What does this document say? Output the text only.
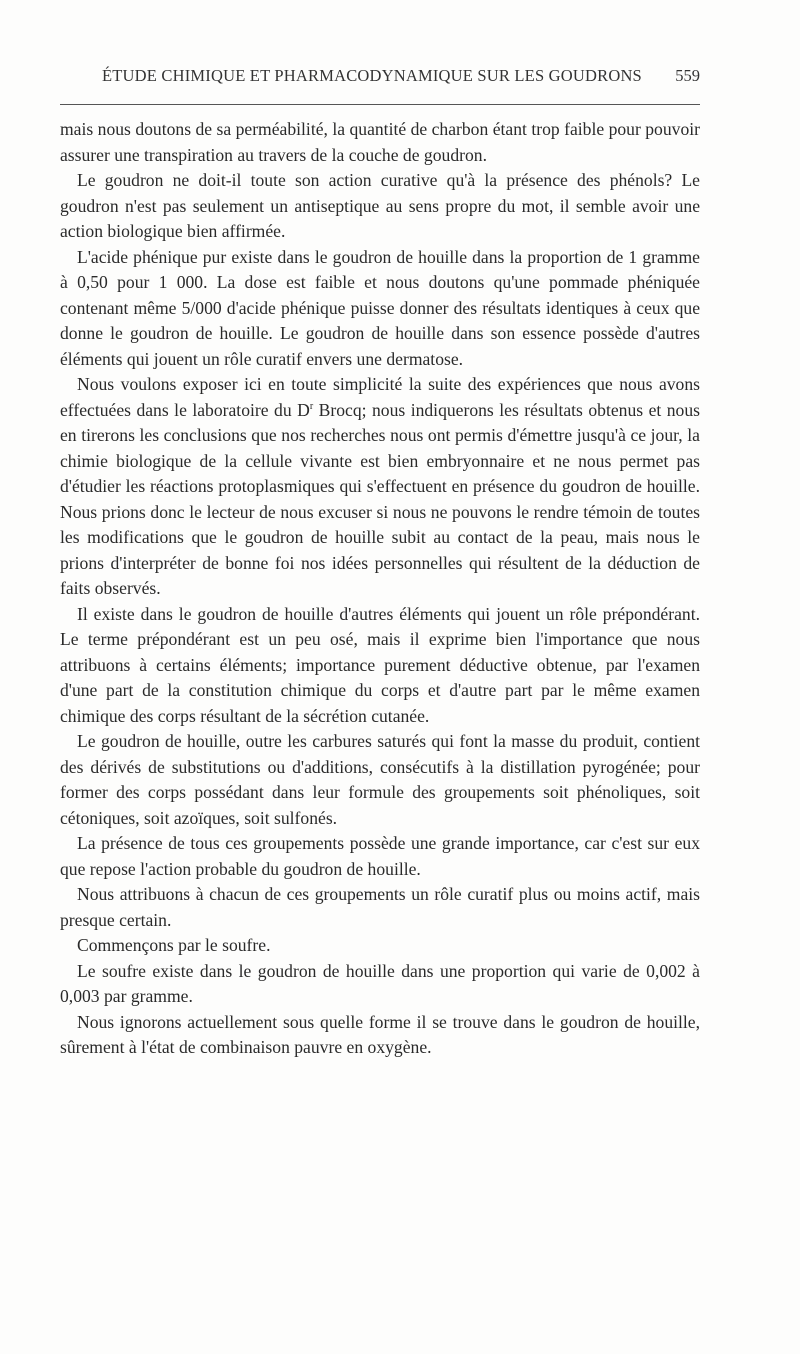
ÉTUDE CHIMIQUE ET PHARMACODYNAMIQUE SUR LES GOUDRONS 559

mais nous doutons de sa perméabilité, la quantité de charbon étant trop faible pour pouvoir assurer une transpiration au travers de la couche de goudron.

Le goudron ne doit-il toute son action curative qu'à la présence des phénols? Le goudron n'est pas seulement un antiseptique au sens propre du mot, il semble avoir une action biologique bien affirmée.

L'acide phénique pur existe dans le goudron de houille dans la proportion de 1 gramme à 0,50 pour 1 000. La dose est faible et nous doutons qu'une pommade phéniquée contenant même 5/000 d'acide phénique puisse donner des résultats identiques à ceux que donne le goudron de houille. Le goudron de houille dans son essence possède d'autres éléments qui jouent un rôle curatif envers une dermatose.

Nous voulons exposer ici en toute simplicité la suite des expériences que nous avons effectuées dans le laboratoire du $D^r$ Brocq; nous indiquerons les résultats obtenus et nous en tirerons les conclusions que nos recherches nous ont permis d'émettre jusqu'à ce jour, la chimie biologique de la cellule vivante est bien embryonnaire et ne nous permet pas d'étudier les réactions protoplasmiques qui s'effectuent en présence du goudron de houille. Nous prions donc le lecteur de nous excuser si nous ne pouvons le rendre témoin de toutes les modifications que le goudron de houille subit au contact de la peau, mais nous le prions d'interpréter de bonne foi nos idées personnelles qui résultent de la déduction de faits observés.

Il existe dans le goudron de houille d'autres éléments qui jouent un rôle prépondérant. Le terme prépondérant est un peu osé, mais il exprime bien l'importance que nous attribuons à certains éléments; importance purement déductive obtenue, par l'examen d'une part de la constitution chimique du corps et d'autre part par le même examen chimique des corps résultant de la sécrétion cutanée.

Le goudron de houille, outre les carbures saturés qui font la masse du produit, contient des dérivés de substitutions ou d'additions, consécutifs à la distillation pyrogénée; pour former des corps possédant dans leur formule des groupements soit phénoliques, soit cétoniques, soit azoïques, soit sulfonés.

La présence de tous ces groupements possède une grande importance, car c'est sur eux que repose l'action probable du goudron de houille.

Nous attribuons à chacun de ces groupements un rôle curatif plus ou moins actif, mais presque certain.

Commençons par le soufre.

Le soufre existe dans le goudron de houille dans une proportion qui varie de 0,002 à 0,003 par gramme.

Nous ignorons actuellement sous quelle forme il se trouve dans le goudron de houille, sûrement à l'état de combinaison pauvre en oxygène.
